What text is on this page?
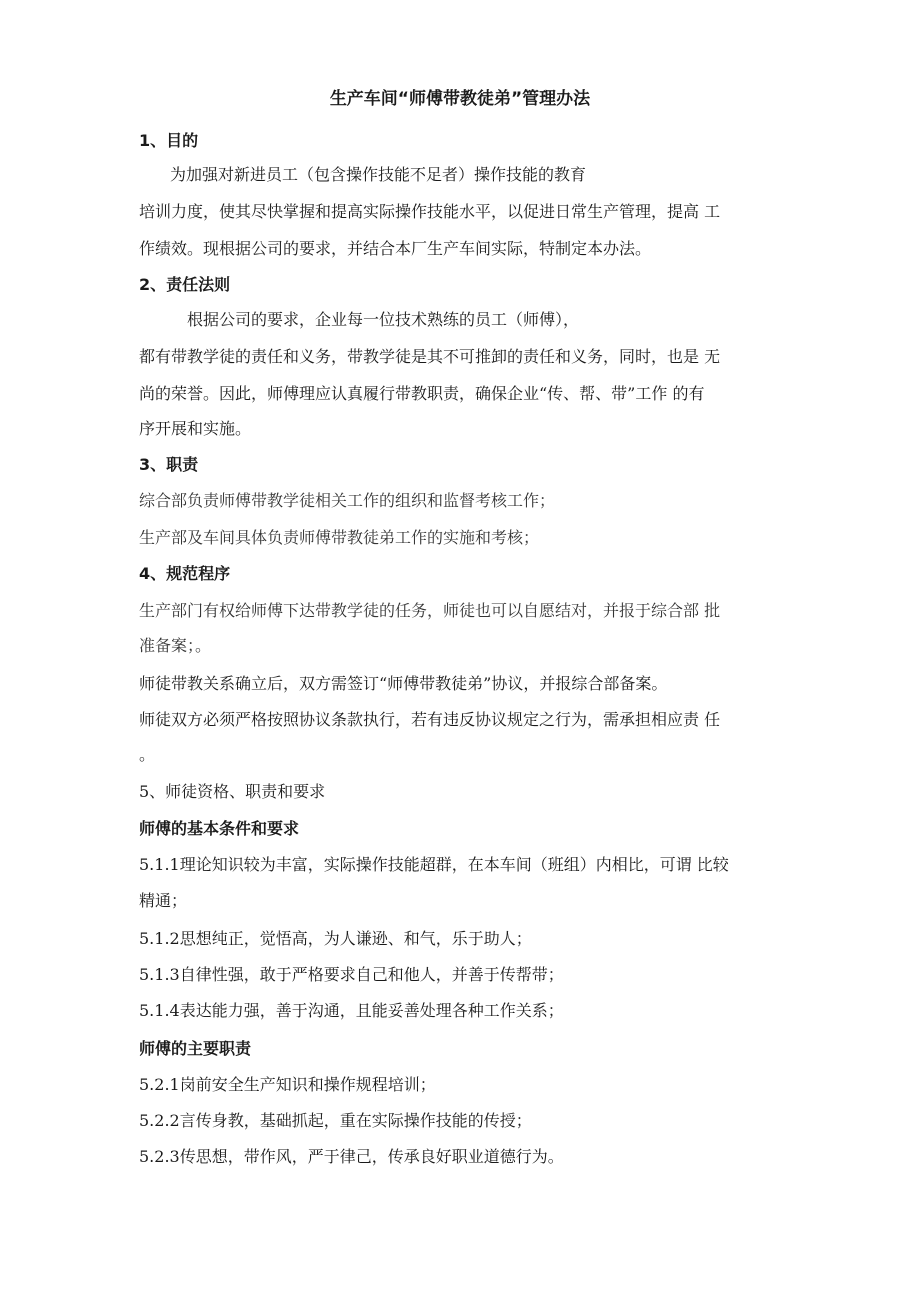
生产车间“师傅带教徒弟”管理办法
1、目的
为加强对新进员工（包含操作技能不足者）操作技能的教育
培训力度，使其尽快掌握和提高实际操作技能水平，以促进日常生产管理，提高 工
作绩效。现根据公司的要求，并结合本厂生产车间实际，特制定本办法。
2、责任法则
根据公司的要求，企业每一位技术熟练的员工（师傅），
都有带教学徒的责任和义务，带教学徒是其不可推卸的责任和义务，同时，也是 无
尚的荣誉。因此，师傅理应认真履行带教职责，确保企业“传、帮、带”工作 的有
序开展和实施。
3、职责
综合部负责师傅带教学徒相关工作的组织和监督考核工作；
生产部及车间具体负责师傅带教徒弟工作的实施和考核；
4、规范程序
生产部门有权给师傅下达带教学徒的任务，师徒也可以自愿结对，并报于综合部 批
准备案；。
师徒带教关系确立后，双方需签订“师傅带教徒弟”协议，并报综合部备案。
师徒双方必须严格按照协议条款执行，若有违反协议规定之行为，需承担相应责 任
。
5、师徒资格、职责和要求
师傅的基本条件和要求
5.1.1理论知识较为丰富，实际操作技能超群，在本车间（班组）内相比，可谓 比较
精通；
5.1.2思想纯正，觉悟高，为人谦逊、和气，乐于助人；
5.1.3自律性强，敢于严格要求自己和他人，并善于传帮带；
5.1.4表达能力强，善于沟通，且能妥善处理各种工作关系；
师傅的主要职责
5.2.1岗前安全生产知识和操作规程培训；
5.2.2言传身教，基础抓起，重在实际操作技能的传授；
5.2.3传思想，带作风，严于律己，传承良好职业道德行为。
